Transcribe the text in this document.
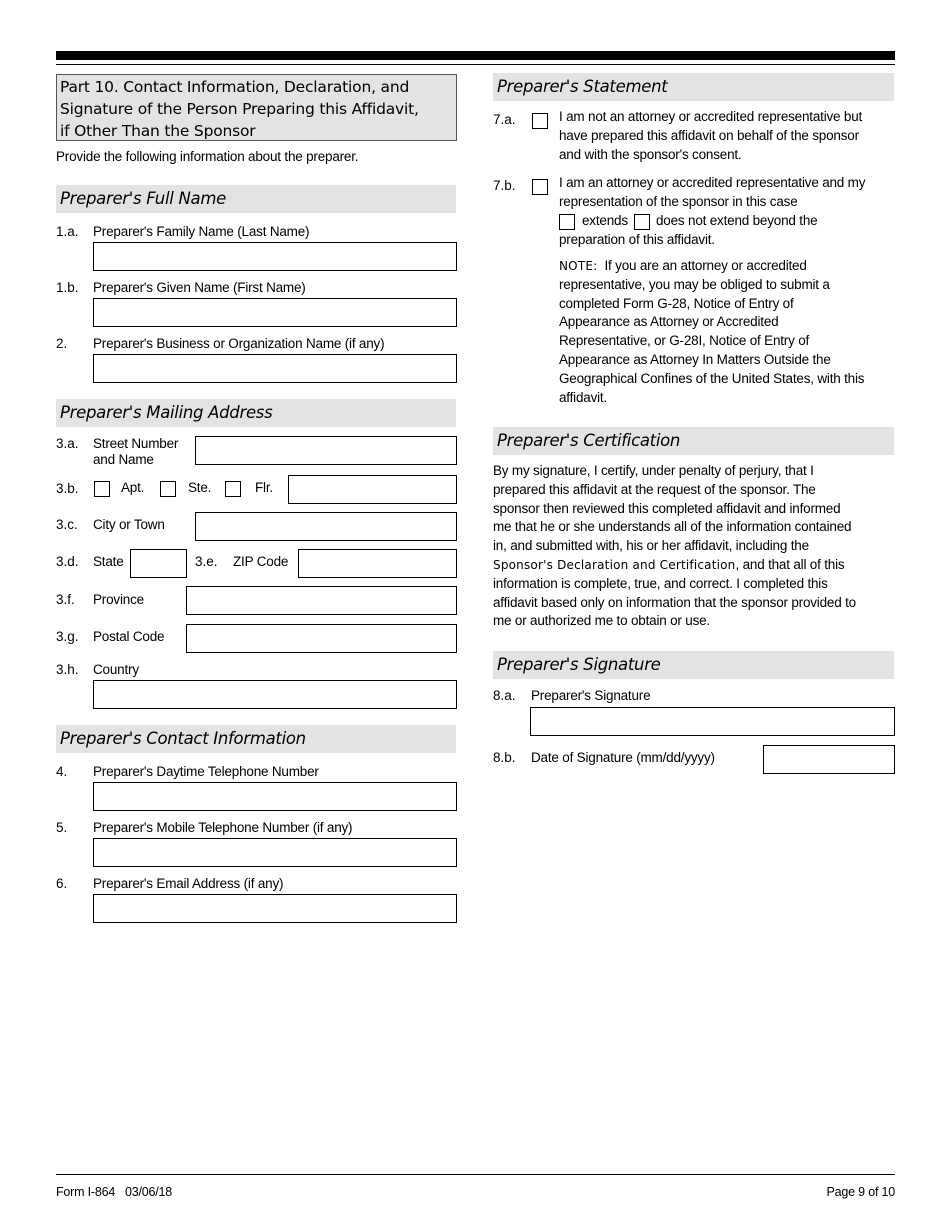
Part 10. Contact Information, Declaration, and
Signature of the Person Preparing this Affidavit,
if Other Than the Sponsor
Provide the following information about the preparer.
Preparer's Full Name
1.a. Preparer's Family Name (Last Name)
1.b. Preparer's Given Name (First Name)
2. Preparer's Business or Organization Name (if any)
Preparer's Mailing Address
3.a. Street Number
and Name
3.b.	Apt.	Ste.	Flr.
3.c. City or Town
3.d. State	3.e. ZIP Code
3.f. Province
3.g. Postal Code
3.h. Country
Preparer's Contact Information
4. Preparer's Daytime Telephone Number
5. Preparer's Mobile Telephone Number (if any)
6. Preparer's Email Address (if any)
Preparer's Statement
7.a.	I am not an attorney or accredited representative but
have prepared this affidavit on behalf of the sponsor
and with the sponsor's consent.
7.b.	I am an attorney or accredited representative and my
representation of the sponsor in this case
extends does not extend beyond the
preparation of this affidavit.
NOTE: If you are an attorney or accredited
representative, you may be obliged to submit a
completed Form G-28, Notice of Entry of
Appearance as Attorney or Accredited
Representative, or G-28I, Notice of Entry of
Appearance as Attorney In Matters Outside the
Geographical Confines of the United States, with this
affidavit.
Preparer's Certification
By my signature, I certify, under penalty of perjury, that I
prepared this affidavit at the request of the sponsor. The
sponsor then reviewed this completed affidavit and informed
me that he or she understands all of the information contained
in, and submitted with, his or her affidavit, including the
Sponsor's Declaration and Certification, and that all of this
information is complete, true, and correct. I completed this
affidavit based only on information that the sponsor provided to
me or authorized me to obtain or use.
Preparer's Signature
8.a. Preparer's Signature
8.b. Date of Signature (mm/dd/yyyy)
Form I-864   03/06/18	Page 9 of 10
